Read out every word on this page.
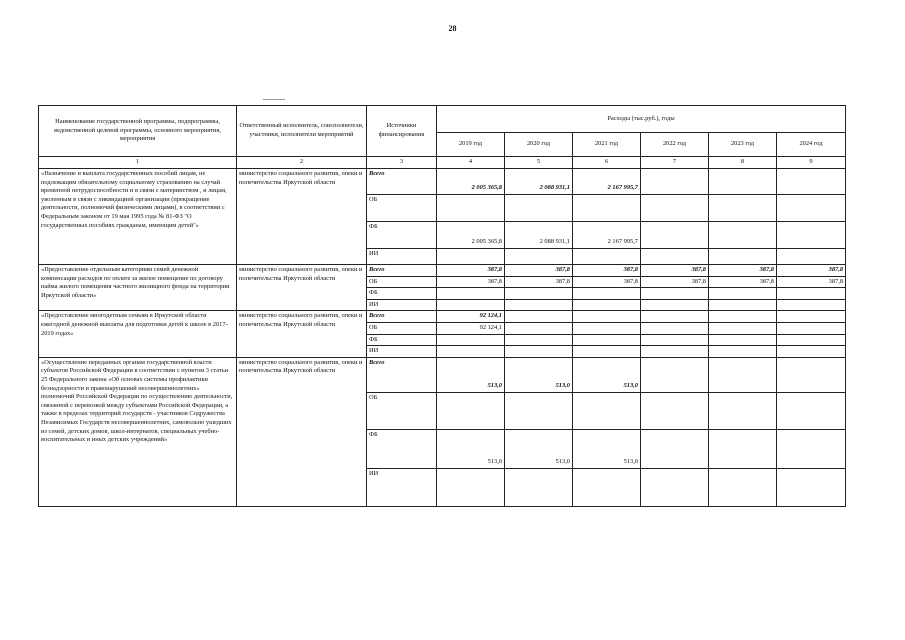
28
Наименование государственной программы, подпрограммы, ведомственной целевой программы, основного мероприятия, мероприятия	Ответственный исполнитель, соисполнители, участники, исполнители мероприятий	Источники финансирования	Расходы (тыс.руб.), годы					
			2019 год	2020 год	2021 год	2022 год	2023 год	2024 год
1	2	3	4	5	6	7	8	9
«Назначение и выплата государственных пособий лицам, не подлежащим обязательному социальному страхованию на случай временной нетрудоспособности и в связи с материнством , и лицам, уволенным в связи с ликвидацией организации (прекращение деятельности, полномочий физическими лицами), в соответствии с Федеральным законом от 19 мая 1995 года № 81-ФЗ "О государственных пособиях гражданам, имеющим детей"»	министерство социального развития, опеки и попечительства Иркутской области	Всего	2 005 365,8	2 088 931,1	2 167 995,7			
		ОБ						
		ФБ	2 005 365,8	2 088 931,1	2 167 995,7			
		ИИ						
«Предоставление отдельным категориям семей денежной компенсации расходов по оплате за жилое помещение по договору найма жилого помещения частного жилищного фонда на территории Иркутской области»	министерство социального развития, опеки и попечительства Иркутской области	Всего	387,8	387,8	387,8	387,8	387,8	387,8
		ОБ	387,8	387,8	387,8	387,8	387,8	387,8
		ФБ						
		ИИ						
«Предоставление многодетным семьям в Иркутской области ежегодной денежной выплаты для подготовки детей к школе в 2017-2019 годах»	министерство социального развития, опеки и попечительства Иркутской области	Всего	92 124,1					
		ОБ	92 124,1					
		ФБ						
		ИИ						
«Осуществление переданных органам государственной власти субъектов Российской Федерации в соответствии с пунктом 3 статьи 25 Федерального закона «Об основах системы профилактики безнадзорности и правонарушений несовершеннолетних» полномочий Российской Федерации по осуществлению деятельности, связанной с перевозкой между субъектами Российской Федерации, а также в пределах территорий государств - участников Содружества Независимых Государств несовершеннолетних, самовольно ушедших из семей, детских домов, школ-интернатов, специальных учебно-воспитательных и иных детских учреждений»	министерство социального развития, опеки и попечительства Иркутской области	Всего	513,0	513,0	513,0			
		ОБ						
		ФБ	513,0	513,0	513,0			
		ИИ						
